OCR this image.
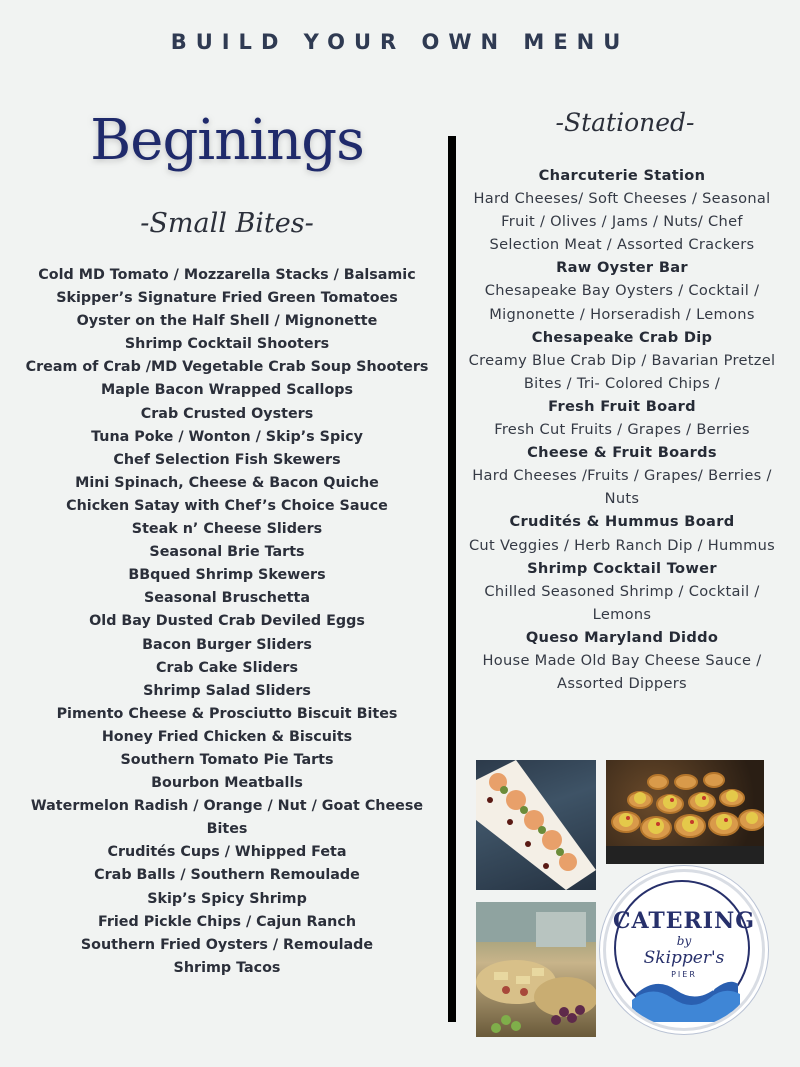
BUILD YOUR OWN MENU
Beginings
-Small Bites-
Cold MD Tomato / Mozzarella Stacks / Balsamic
Skipper’s Signature Fried Green Tomatoes
Oyster on the Half Shell / Mignonette
Shrimp Cocktail Shooters
Cream of Crab /MD Vegetable Crab Soup Shooters
Maple Bacon Wrapped Scallops
Crab Crusted Oysters
Tuna Poke / Wonton / Skip’s Spicy
Chef Selection Fish Skewers
Mini Spinach, Cheese & Bacon Quiche
Chicken Satay with Chef’s Choice Sauce
Steak n’ Cheese Sliders
Seasonal Brie Tarts
BBqued Shrimp Skewers
Seasonal Bruschetta
Old Bay Dusted Crab Deviled Eggs
Bacon Burger Sliders
Crab Cake Sliders
Shrimp Salad Sliders
Pimento Cheese & Prosciutto Biscuit Bites
Honey Fried Chicken & Biscuits
Southern Tomato Pie Tarts
Bourbon Meatballs
Watermelon Radish / Orange / Nut / Goat Cheese
Bites
Crudités Cups / Whipped Feta
Crab Balls / Southern Remoulade
Skip’s Spicy Shrimp
Fried Pickle Chips / Cajun Ranch
Southern Fried Oysters / Remoulade
Shrimp Tacos
-Stationed-
Charcuterie Station
Hard Cheeses/ Soft Cheeses / Seasonal
Fruit / Olives / Jams / Nuts/ Chef
Selection Meat / Assorted Crackers
Raw Oyster Bar
Chesapeake Bay Oysters / Cocktail /
Mignonette / Horseradish / Lemons
Chesapeake Crab Dip
Creamy Blue Crab Dip / Bavarian Pretzel
Bites / Tri- Colored Chips /
Fresh Fruit Board
Fresh Cut Fruits / Grapes / Berries
Cheese & Fruit Boards
Hard Cheeses /Fruits / Grapes/ Berries /
Nuts
Crudités & Hummus Board
Cut Veggies / Herb Ranch Dip / Hummus
Shrimp Cocktail Tower
Chilled Seasoned Shrimp / Cocktail /
Lemons
Queso Maryland Diddo
House Made Old Bay Cheese Sauce /
Assorted Dippers
CATERING
by
Skipper's
PIER
